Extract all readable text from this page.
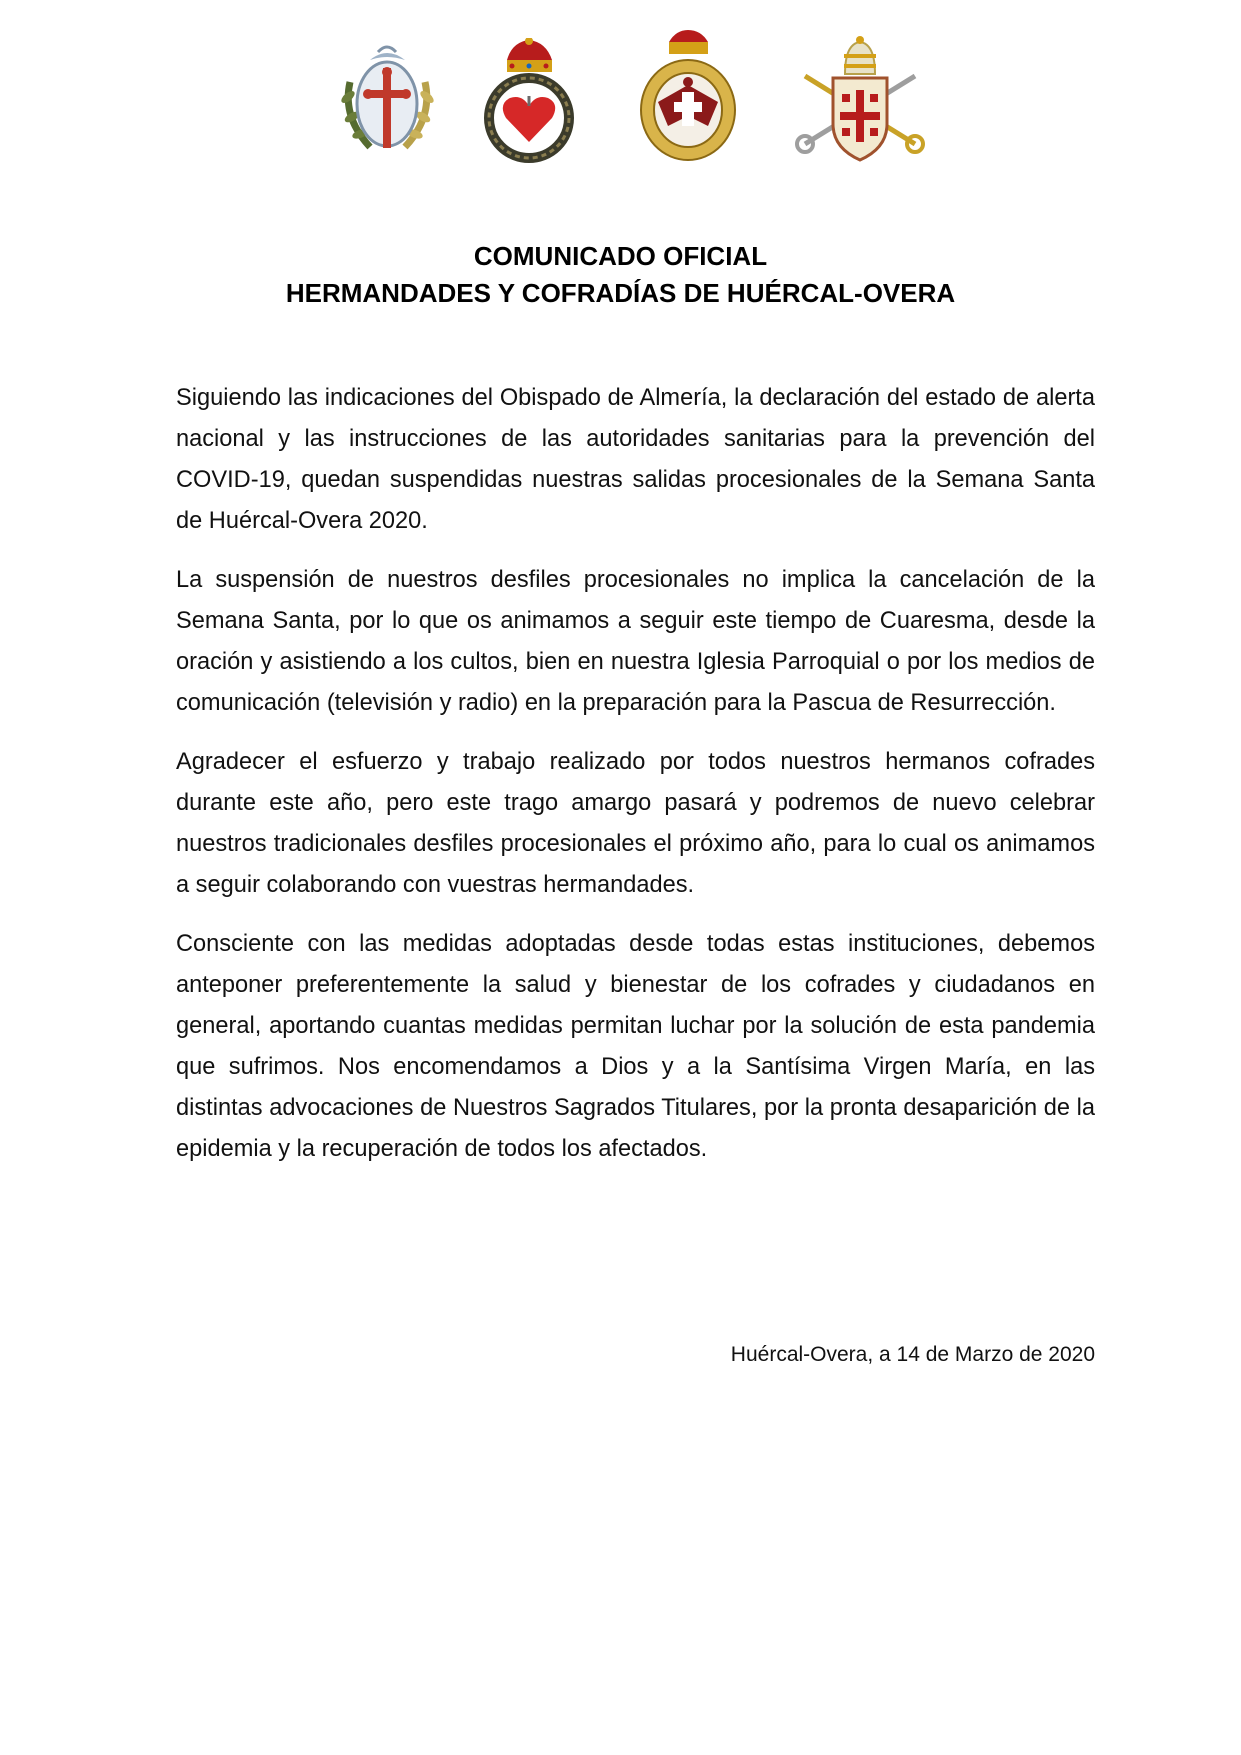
COMUNICADO OFICIAL
HERMANDADES Y COFRADÍAS DE HUÉRCAL-OVERA

Siguiendo las indicaciones del Obispado de Almería, la declaración del estado de alerta nacional y las instrucciones de las autoridades sanitarias para la prevención del COVID-19, quedan suspendidas nuestras salidas procesionales de la Semana Santa de Huércal-Overa 2020.

La suspensión de nuestros desfiles procesionales no implica la cancelación de la Semana Santa, por lo que os animamos a seguir este tiempo de Cuaresma, desde la oración y asistiendo a los cultos, bien en nuestra Iglesia Parroquial o por los medios de comunicación (televisión y radio) en la preparación para la Pascua de Resurrección.

Agradecer el esfuerzo y trabajo realizado por todos nuestros hermanos cofrades durante este año, pero este trago amargo pasará y podremos de nuevo celebrar nuestros tradicionales desfiles procesionales el próximo año, para lo cual os animamos a seguir colaborando con vuestras hermandades.

Consciente con las medidas adoptadas desde todas estas instituciones, debemos anteponer preferentemente la salud y bienestar de los cofrades y ciudadanos en general, aportando cuantas medidas permitan luchar por la solución de esta pandemia que sufrimos. Nos encomendamos a Dios y a la Santísima Virgen María, en las distintas advocaciones de Nuestros Sagrados Titulares, por la pronta desaparición de la epidemia y la recuperación de todos los afectados.

Huércal-Overa, a 14 de Marzo de 2020
